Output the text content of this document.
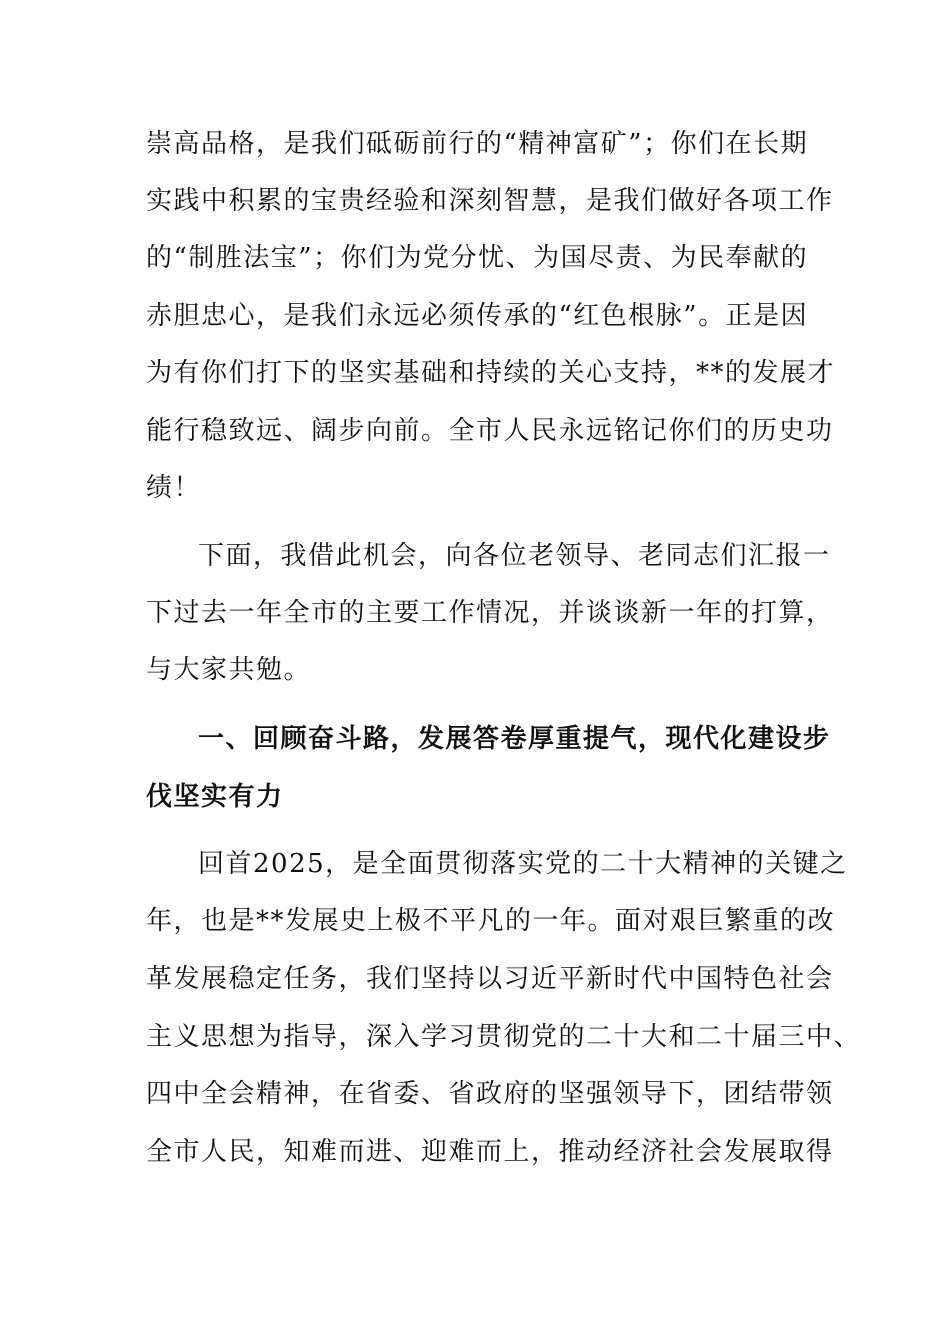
崇高品格，是我们砥砺前行的“精神富矿”；你们在长期
实践中积累的宝贵经验和深刻智慧，是我们做好各项工作
的“制胜法宝”；你们为党分忧、为国尽责、为民奉献的
赤胆忠心，是我们永远必须传承的“红色根脉”。正是因
为有你们打下的坚实基础和持续的关心支持，**的发展才
能行稳致远、阔步向前。全市人民永远铭记你们的历史功
绩！
下面，我借此机会，向各位老领导、老同志们汇报一
下过去一年全市的主要工作情况，并谈谈新一年的打算，
与大家共勉。
一、回顾奋斗路，发展答卷厚重提气，现代化建设步
伐坚实有力
回首2025，是全面贯彻落实党的二十大精神的关键之
年，也是**发展史上极不平凡的一年。面对艰巨繁重的改
革发展稳定任务，我们坚持以习近平新时代中国特色社会
主义思想为指导，深入学习贯彻党的二十大和二十届三中、
四中全会精神，在省委、省政府的坚强领导下，团结带领
全市人民，知难而进、迎难而上，推动经济社会发展取得
